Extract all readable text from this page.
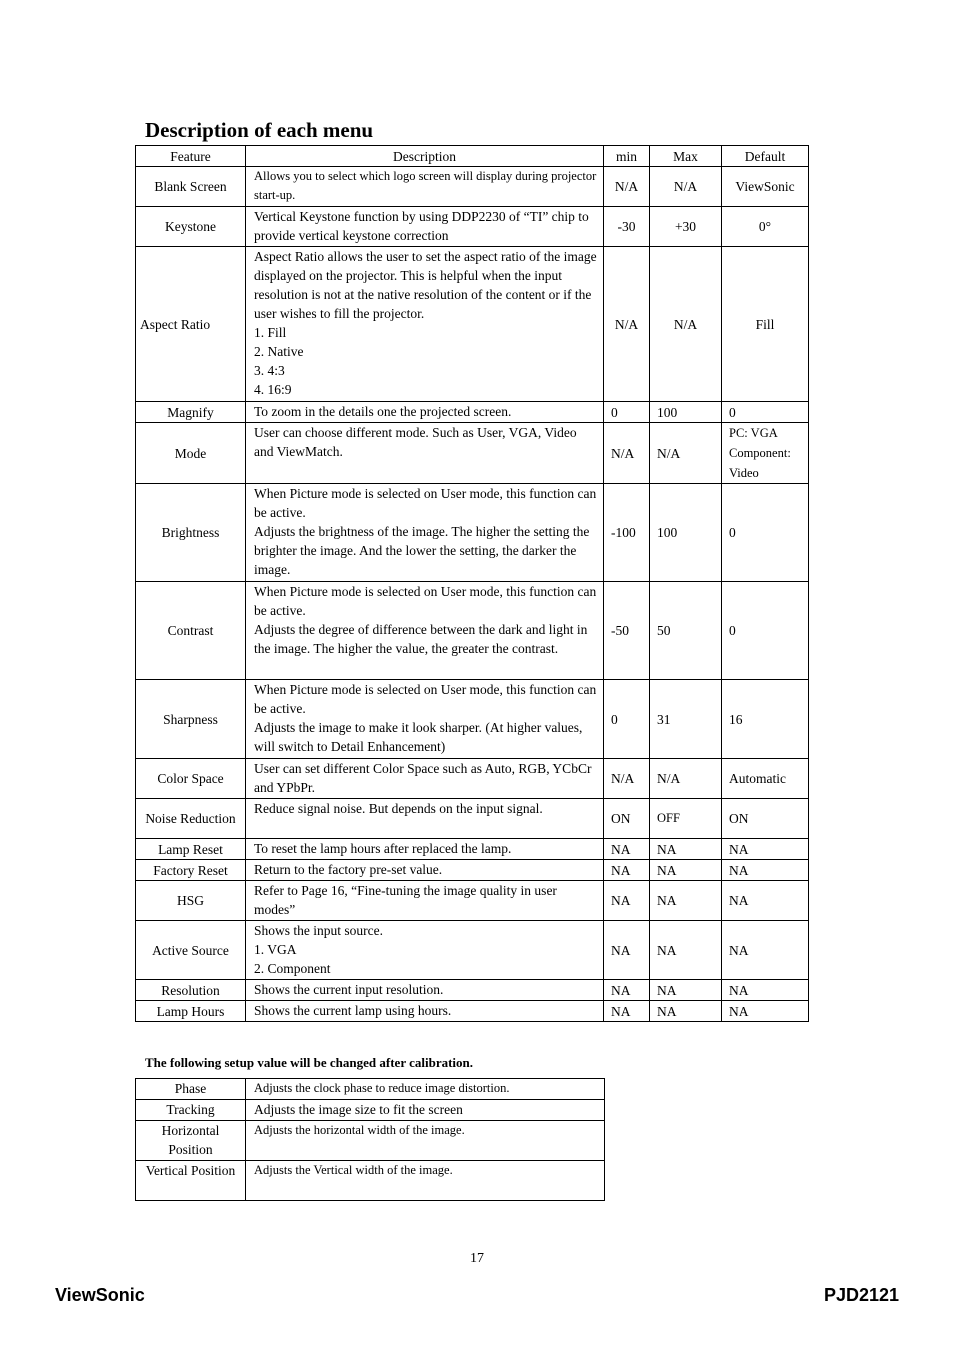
Description of each menu
Feature	Description	min	Max	Default
Blank Screen	Allows you to select which logo screen will display during projector start-up.	N/A	N/A	ViewSonic
Keystone	Vertical Keystone function by using DDP2230 of “TI” chip to provide vertical keystone correction	-30	+30	0°
Aspect Ratio	Aspect Ratio allows the user to set the aspect ratio of the image displayed on the projector. This is helpful when the input resolution is not at the native resolution of the content or if the user wishes to fill the projector.
1. Fill
2. Native
3. 4:3
4. 16:9	N/A	N/A	Fill
Magnify	To zoom in the details one the projected screen.	0	100	0
Mode	User can choose different mode. Such as User, VGA, Video and ViewMatch.	N/A	N/A	PC: VGA
Component:
Video
Brightness	When Picture mode is selected on User mode, this function can be active.
Adjusts the brightness of the image. The higher the setting the brighter the image. And the lower the setting, the darker the image.	-100	100	0
Contrast	When Picture mode is selected on User mode, this function can be active.
Adjusts the degree of difference between the dark and light in the image. The higher the value, the greater the contrast.	-50	50	0
Sharpness	When Picture mode is selected on User mode, this function can be active.
Adjusts the image to make it look sharper. (At higher values, will switch to Detail Enhancement)	0	31	16
Color Space	User can set different Color Space such as Auto, RGB, YCbCr and YPbPr.	N/A	N/A	Automatic
Noise Reduction	Reduce signal noise. But depends on the input signal.	ON	OFF	ON
Lamp Reset	To reset the lamp hours after replaced the lamp.	NA	NA	NA
Factory Reset	Return to the factory pre-set value.	NA	NA	NA
HSG	Refer to Page 16, “Fine-tuning the image quality in user modes”	NA	NA	NA
Active Source	Shows the input source.
1. VGA
2. Component	NA	NA	NA
Resolution	Shows the current input resolution.	NA	NA	NA
Lamp Hours	Shows the current lamp using hours.	NA	NA	NA
The following setup value will be changed after calibration.
Phase	Adjusts the clock phase to reduce image distortion.
Tracking	Adjusts the image size to fit the screen
Horizontal Position	Adjusts the horizontal width of the image.
Vertical Position	Adjusts the Vertical width of the image.
17
ViewSonic	PJD2121
